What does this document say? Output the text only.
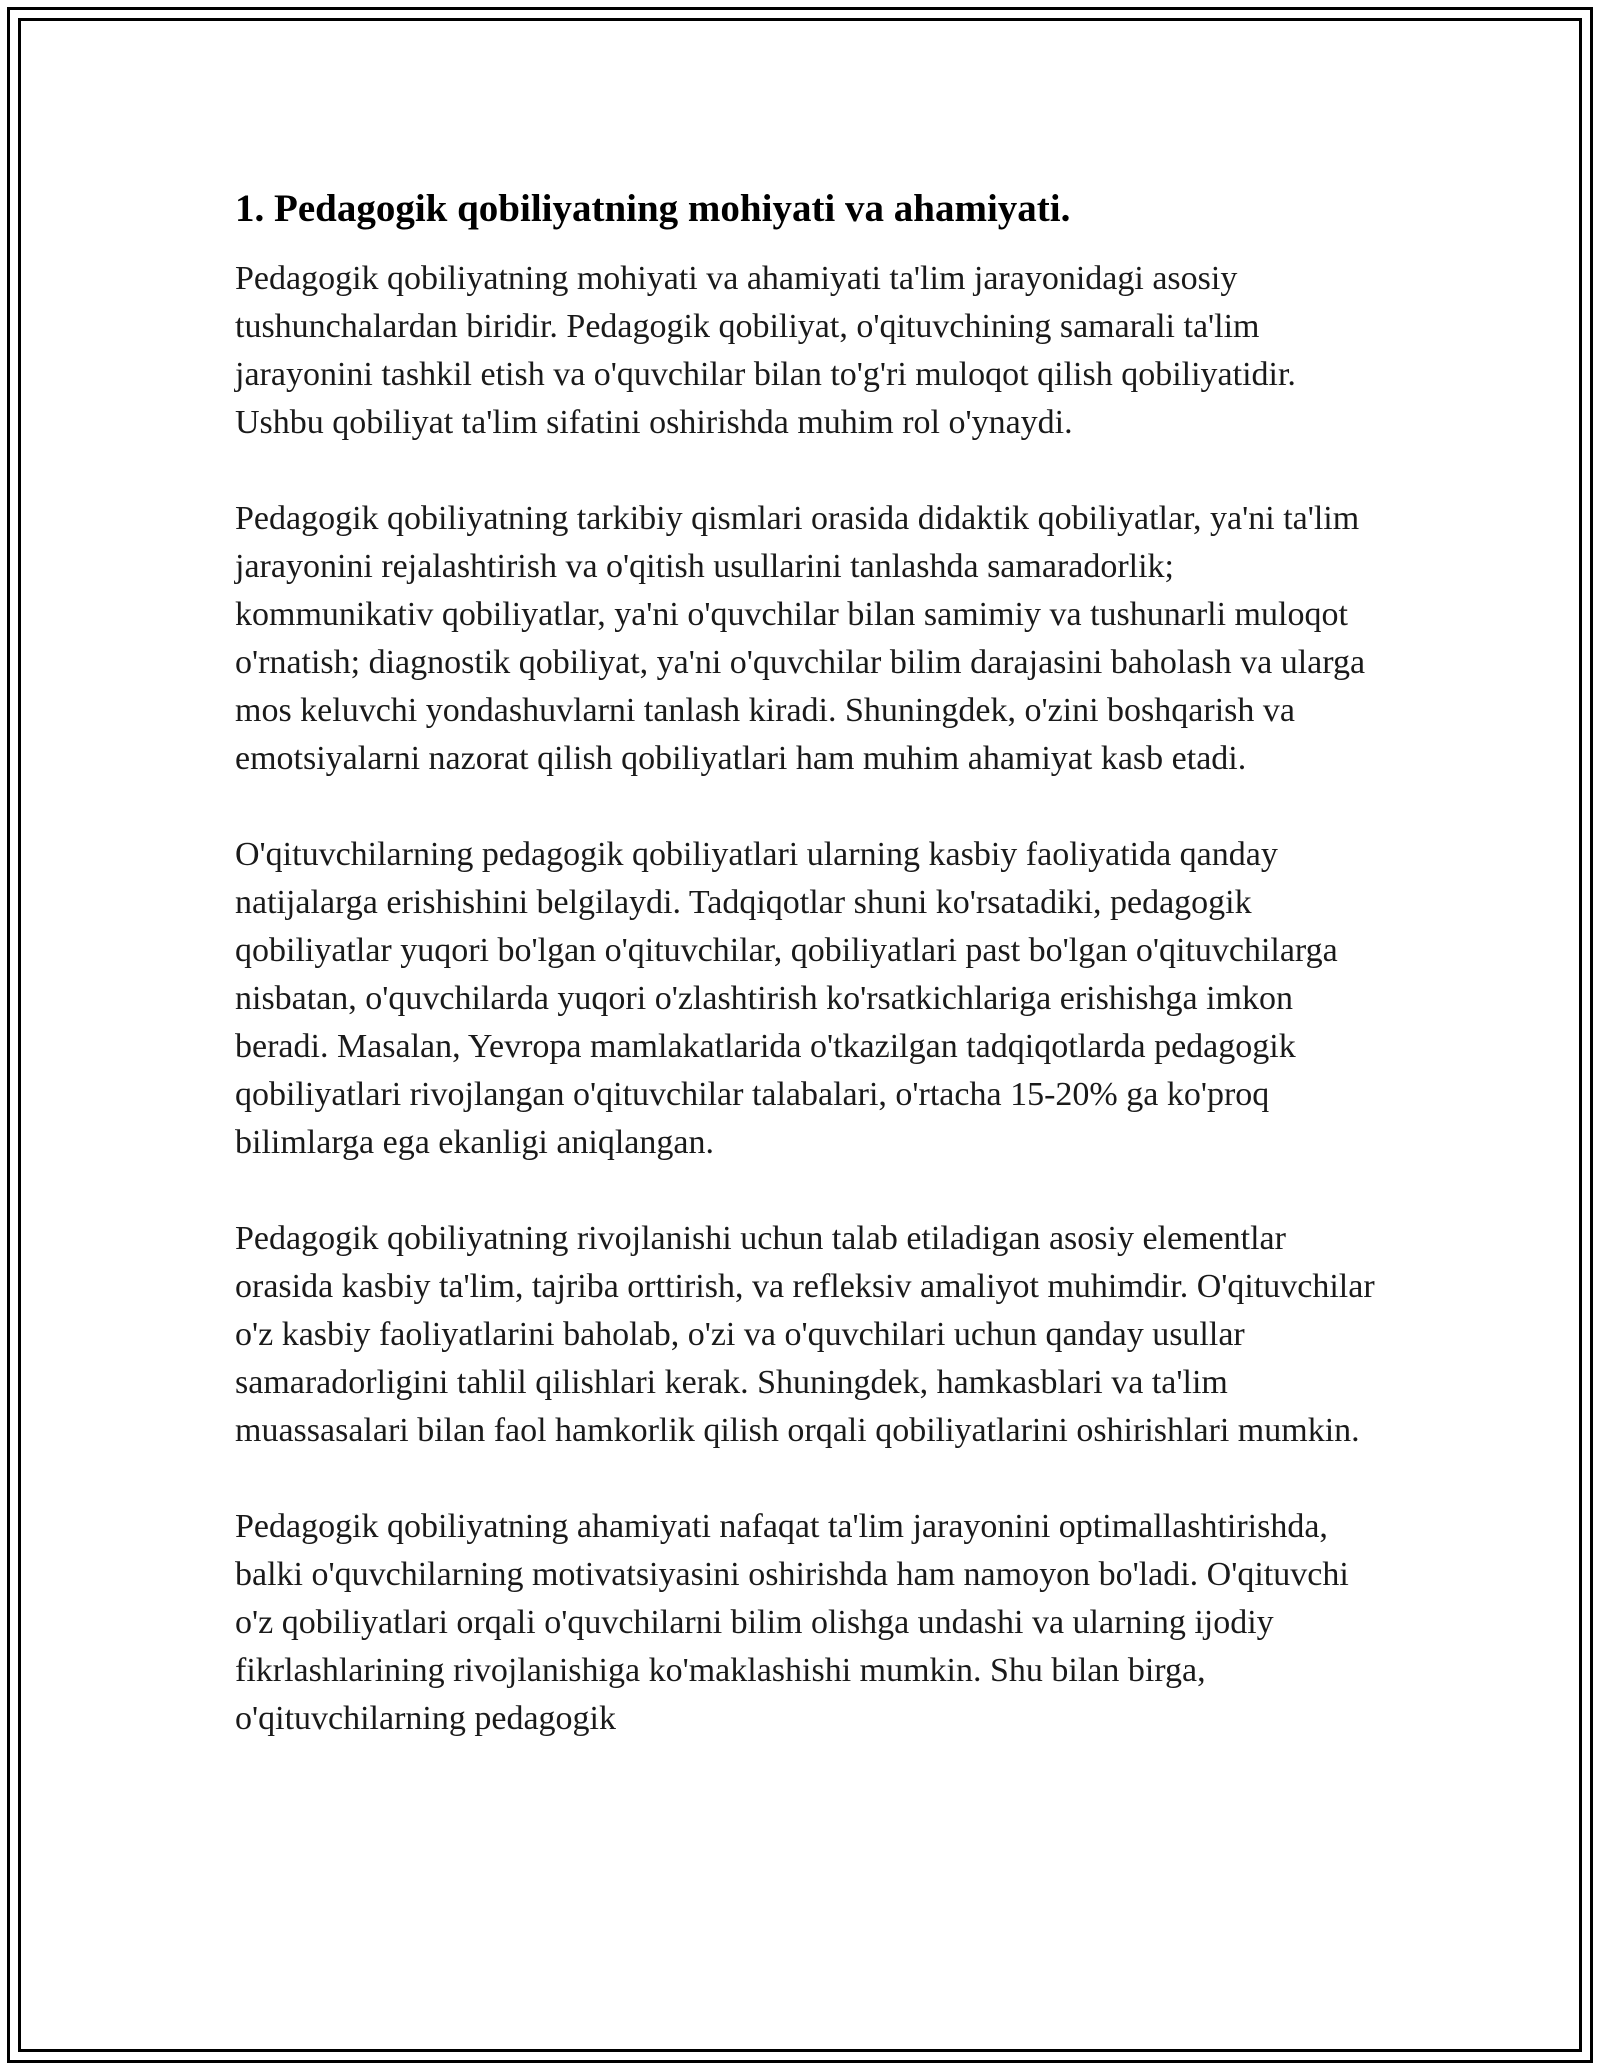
1. Pedagogik qobiliyatning mohiyati va ahamiyati.

Pedagogik qobiliyatning mohiyati va ahamiyati ta'lim jarayonidagi asosiy tushunchalardan biridir. Pedagogik qobiliyat, o'qituvchining samarali ta'lim jarayonini tashkil etish va o'quvchilar bilan to'g'ri muloqot qilish qobiliyatidir. Ushbu qobiliyat ta'lim sifatini oshirishda muhim rol o'ynaydi.

Pedagogik qobiliyatning tarkibiy qismlari orasida didaktik qobiliyatlar, ya'ni ta'lim jarayonini rejalashtirish va o'qitish usullarini tanlashda samaradorlik; kommunikativ qobiliyatlar, ya'ni o'quvchilar bilan samimiy va tushunarli muloqot o'rnatish; diagnostik qobiliyat, ya'ni o'quvchilar bilim darajasini baholash va ularga mos keluvchi yondashuvlarni tanlash kiradi. Shuningdek, o'zini boshqarish va emotsiyalarni nazorat qilish qobiliyatlari ham muhim ahamiyat kasb etadi.

O'qituvchilarning pedagogik qobiliyatlari ularning kasbiy faoliyatida qanday natijalarga erishishini belgilaydi. Tadqiqotlar shuni ko'rsatadiki, pedagogik qobiliyatlar yuqori bo'lgan o'qituvchilar, qobiliyatlari past bo'lgan o'qituvchilarga nisbatan, o'quvchilarda yuqori o'zlashtirish ko'rsatkichlariga erishishga imkon beradi. Masalan, Yevropa mamlakatlarida o'tkazilgan tadqiqotlarda pedagogik qobiliyatlari rivojlangan o'qituvchilar talabalari, o'rtacha 15-20% ga ko'proq bilimlarga ega ekanligi aniqlangan.

Pedagogik qobiliyatning rivojlanishi uchun talab etiladigan asosiy elementlar orasida kasbiy ta'lim, tajriba orttirish, va refleksiv amaliyot muhimdir. O'qituvchilar o'z kasbiy faoliyatlarini baholab, o'zi va o'quvchilari uchun qanday usullar samaradorligini tahlil qilishlari kerak. Shuningdek, hamkasblari va ta'lim muassasalari bilan faol hamkorlik qilish orqali qobiliyatlarini oshirishlari mumkin.

Pedagogik qobiliyatning ahamiyati nafaqat ta'lim jarayonini optimallashtirishda, balki o'quvchilarning motivatsiyasini oshirishda ham namoyon bo'ladi. O'qituvchi o'z qobiliyatlari orqali o'quvchilarni bilim olishga undashi va ularning ijodiy fikrlashlarining rivojlanishiga ko'maklashishi mumkin. Shu bilan birga, o'qituvchilarning pedagogik
